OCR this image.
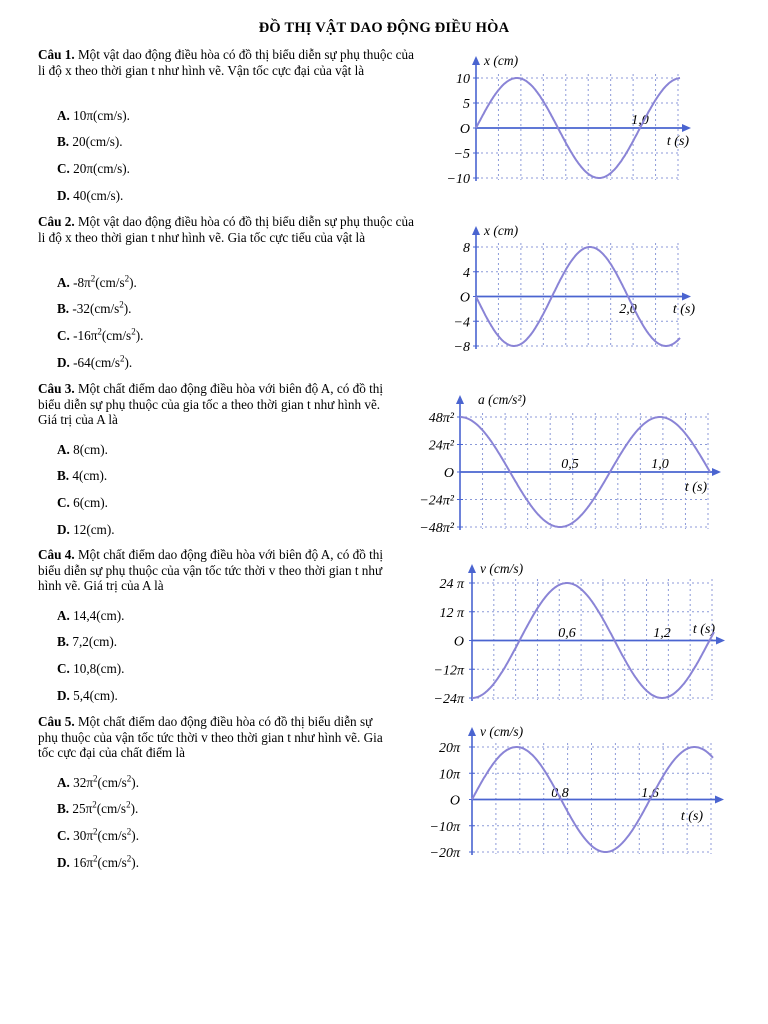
ĐỒ THỊ VẬT DAO ĐỘNG ĐIỀU HÒA

Câu 1. Một vật dao động điều hòa có đồ thị biểu diễn sự phụ thuộc của li độ x theo thời gian t như hình vẽ. Vận tốc cực đại của vật là

A. 10π(cm/s).
B. 20(cm/s).
C. 20π(cm/s).
D. 40(cm/s).

Câu 2. Một vật dao động điều hòa có đồ thị biểu diễn sự phụ thuộc của li độ x theo thời gian t như hình vẽ. Gia tốc cực tiểu của vật là

A. $-8\pi^2(cm/s^2)$.
B. $-32(cm/s^2)$.
C. $-16\pi^2(cm/s^2)$.
D. $-64(cm/s^2)$.

Câu 3. Một chất điểm dao động điều hòa với biên độ A, có đồ thị biểu diễn sự phụ thuộc của gia tốc a theo thời gian t như hình vẽ. Giá trị của A là

A. 8(cm).
B. 4(cm).
C. 6(cm).
D. 12(cm).

Câu 4. Một chất điểm dao động điều hòa với biên độ A, có đồ thị biểu diễn sự phụ thuộc của vận tốc tức thời v theo thời gian t như hình vẽ. Giá trị của A là

A. 14,4(cm).
B. 7,2(cm).
C. 10,8(cm).
D. 5,4(cm).

Câu 5. Một chất điểm dao động điều hòa có đồ thị biểu diễn sự phụ thuộc của vận tốc tức thời v theo thời gian t như hình vẽ. Gia tốc cực đại của chất điểm là

A. $32\pi^2(cm/s^2)$.
B. $25\pi^2(cm/s^2)$.
C. $30\pi^2(cm/s^2)$.
D. $16\pi^2(cm/s^2)$.
10
5
O
−5
−10
x (cm)
t (s)
1,0
8
4
O
−4
−8
x (cm)
t (s)
2,0
48π²
24π²
O
−24π²
−48π²
a (cm/s²)
t (s)
0,5	1,0
24 π
12 π
O
−12π
−24π
v (cm/s)
t (s)
0,6	1,2
20π
10π
O
−10π
−20π
v (cm/s)
t (s)
0,8	1,6
